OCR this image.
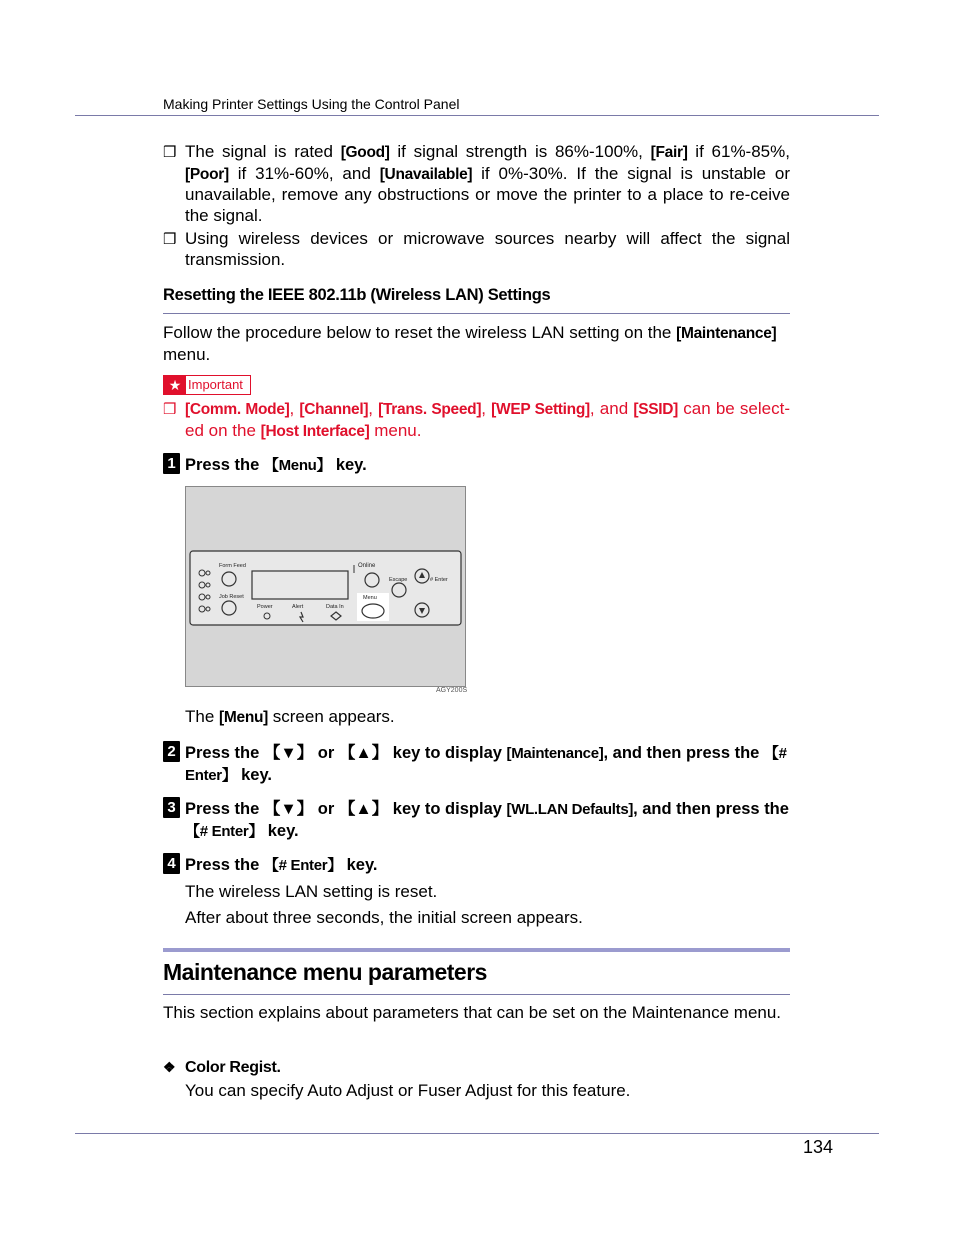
Making Printer Settings Using the Control Panel
❒ The signal is rated [Good] if signal strength is 86%-100%, [Fair] if 61%-85%, [Poor] if 31%-60%, and [Unavailable] if 0%-30%. If the signal is unstable or unavailable, remove any obstructions or move the printer to a place to re-ceive the signal.
❒ Using wireless devices or microwave sources nearby will affect the signal transmission.
Resetting the IEEE 802.11b (Wireless LAN) Settings
Follow the procedure below to reset the wireless LAN setting on the [Maintenance] menu.
★ Important
❒ [Comm. Mode], [Channel], [Trans. Speed], [WEP Setting], and [SSID] can be select-ed on the [Host Interface] menu.
1 Press the 【Menu】 key.
Form Feed
Job Reset
Online
Escape	# Enter
Menu
Power	Alert	Data In
AGY200S
The [Menu] screen appears.
2 Press the 【▼】 or 【▲】 key to display [Maintenance], and then press the 【# Enter】 key.
3 Press the 【▼】 or 【▲】 key to display [WL.LAN Defaults], and then press the 【# Enter】 key.
4 Press the 【# Enter】 key.
The wireless LAN setting is reset.
After about three seconds, the initial screen appears.
Maintenance menu parameters
This section explains about parameters that can be set on the Maintenance menu.
❖ Color Regist.
You can specify Auto Adjust or Fuser Adjust for this feature.
134
